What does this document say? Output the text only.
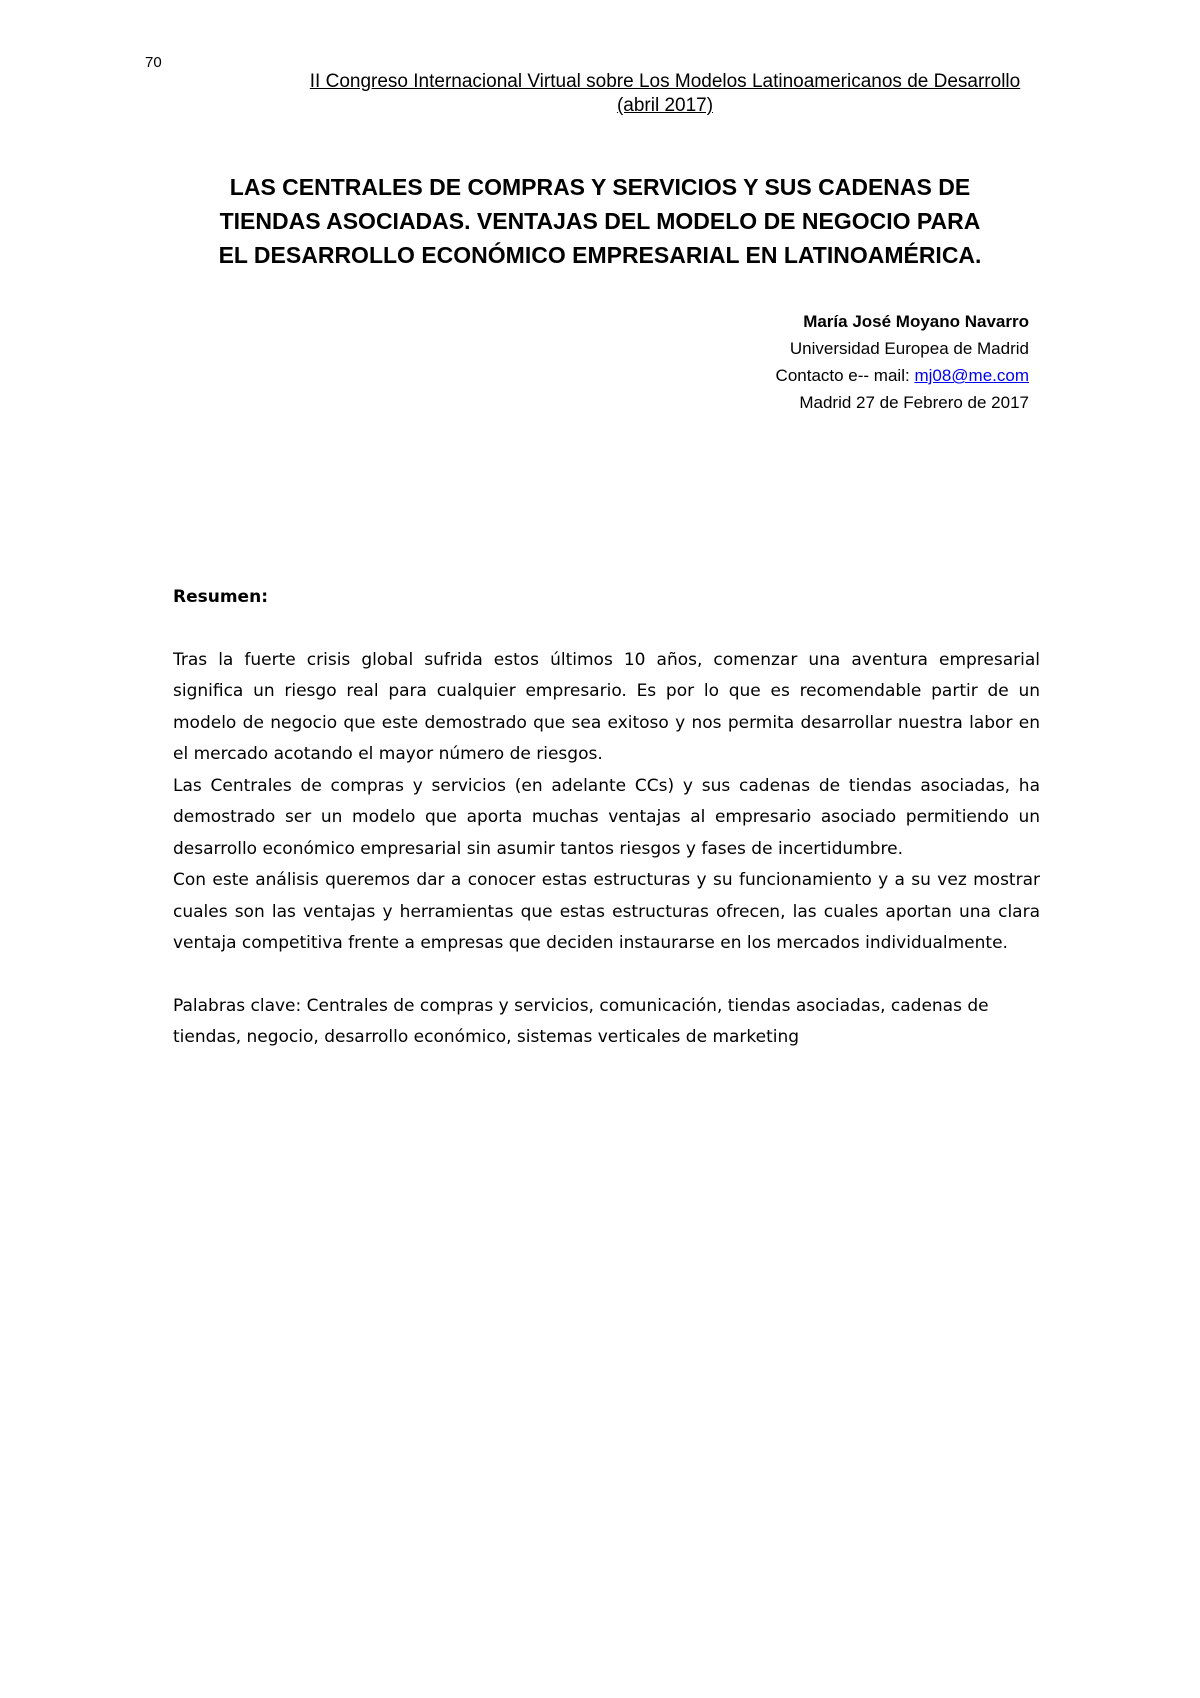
70
II Congreso Internacional Virtual sobre Los Modelos Latinoamericanos de Desarrollo
(abril 2017)
LAS CENTRALES DE COMPRAS Y SERVICIOS Y SUS CADENAS DE
TIENDAS ASOCIADAS. VENTAJAS DEL MODELO DE NEGOCIO PARA
EL DESARROLLO ECONÓMICO EMPRESARIAL EN LATINOAMÉRICA.
María José Moyano Navarro
Universidad Europea de Madrid
Contacto e-- mail: mj08@me.com
Madrid 27 de Febrero de 2017
Resumen:

Tras la fuerte crisis global sufrida estos últimos 10 años, comenzar una aventura empresarial significa un riesgo real para cualquier empresario. Es por lo que es recomendable partir de un modelo de negocio que este demostrado que sea exitoso y nos permita desarrollar nuestra labor en el mercado acotando el mayor número de riesgos.

Las Centrales de compras y servicios (en adelante CCs) y sus cadenas de tiendas asociadas, ha demostrado ser un modelo que aporta muchas ventajas al empresario asociado permitiendo un desarrollo económico empresarial sin asumir tantos riesgos y fases de incertidumbre.

Con este análisis queremos dar a conocer estas estructuras y su funcionamiento y a su vez mostrar cuales son las ventajas y herramientas que estas estructuras ofrecen, las cuales aportan una clara ventaja competitiva frente a empresas que deciden instaurarse en los mercados individualmente.

Palabras clave: Centrales de compras y servicios, comunicación, tiendas asociadas, cadenas de tiendas, negocio, desarrollo económico, sistemas verticales de marketing
